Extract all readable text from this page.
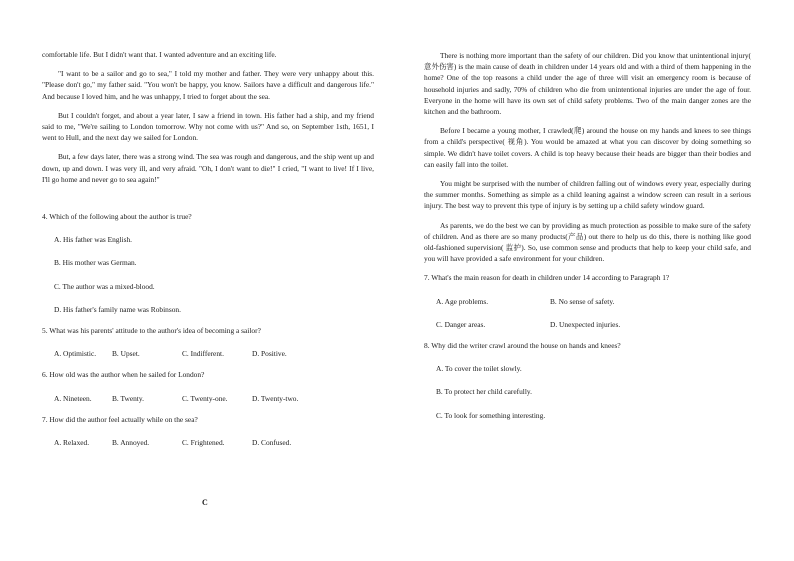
comfortable life. But I didn't want that. I wanted adventure and an exciting life.

"I want to be a sailor and go to sea," I told my mother and father. They were very unhappy about this. "Please don't go," my father said. "You won't be happy, you know. Sailors have a difficult and dangerous life." And because I loved him, and he was unhappy, I tried to forget about the sea.

But I couldn't forget, and about a year later, I saw a friend in town. His father had a ship, and my friend said to me, "We're sailing to London tomorrow. Why not come with us?" And so, on September 1sth, 1651, I went to Hull, and the next day we sailed for London.

But, a few days later, there was a strong wind. The sea was rough and dangerous, and the ship went up and down, up and down. I was very ill, and very afraid. "Oh, I don't want to die!" I cried, "I want to live! If I live, I'll go home and never go to sea again!"

4. Which of the following about the author is true?
A. His father was English.
B. His mother was German.
C. The author was a mixed-blood.
D. His father's family name was Robinson.
5. What was his parents' attitude to the author's idea of becoming a sailor?
A. Optimistic.	B. Upset.	C. Indifferent.	D. Positive.
6. How old was the author when he sailed for London?
A. Nineteen.	B. Twenty.	C. Twenty-one.	D. Twenty-two.
7. How did the author feel actually while on the sea?
A. Relaxed.	B. Annoyed.	C. Frightened.	D. Confused.
C

There is nothing more important than the safety of our children. Did you know that unintentional injury( 意外伤害) is the main cause of death in children under 14 years old and with a third of them happening in the home? One of the top reasons a child under the age of three will visit an emergency room is because of household injuries and sadly, 70% of children who die from unintentional injuries are under the age of four. Everyone in the home will have its own set of child safety problems. Two of the main danger zones are the kitchen and the bathroom.

Before I became a young mother, I crawled(爬) around the house on my hands and knees to see things from a child's perspective( 视角). You would be amazed at what you can discover by doing something so simple. We didn't have toilet covers. A child is top heavy because their heads are bigger than their bodies and can easily fall into the toilet.

You might be surprised with the number of children falling out of windows every year, especially during the summer months. Something as simple as a child leaning against a window screen can result in a serious injury. The best way to prevent this type of injury is by setting up a child safety window guard.

As parents, we do the best we can by providing as much protection as possible to make sure of the safety of children. And as there are so many products(产品) out there to help us do this, there is nothing like good old-fashioned supervision( 监护). So, use common sense and products that help to keep your child safe, and you will have provided a safe environment for your children.

7. What's the main reason for death in children under 14 according to Paragraph 1?
A. Age problems.	B. No sense of safety.
C. Danger areas.	D. Unexpected injuries.
8. Why did the writer crawl around the house on hands and knees?
A. To cover the toilet slowly.
B. To protect her child carefully.
C. To look for something interesting.
